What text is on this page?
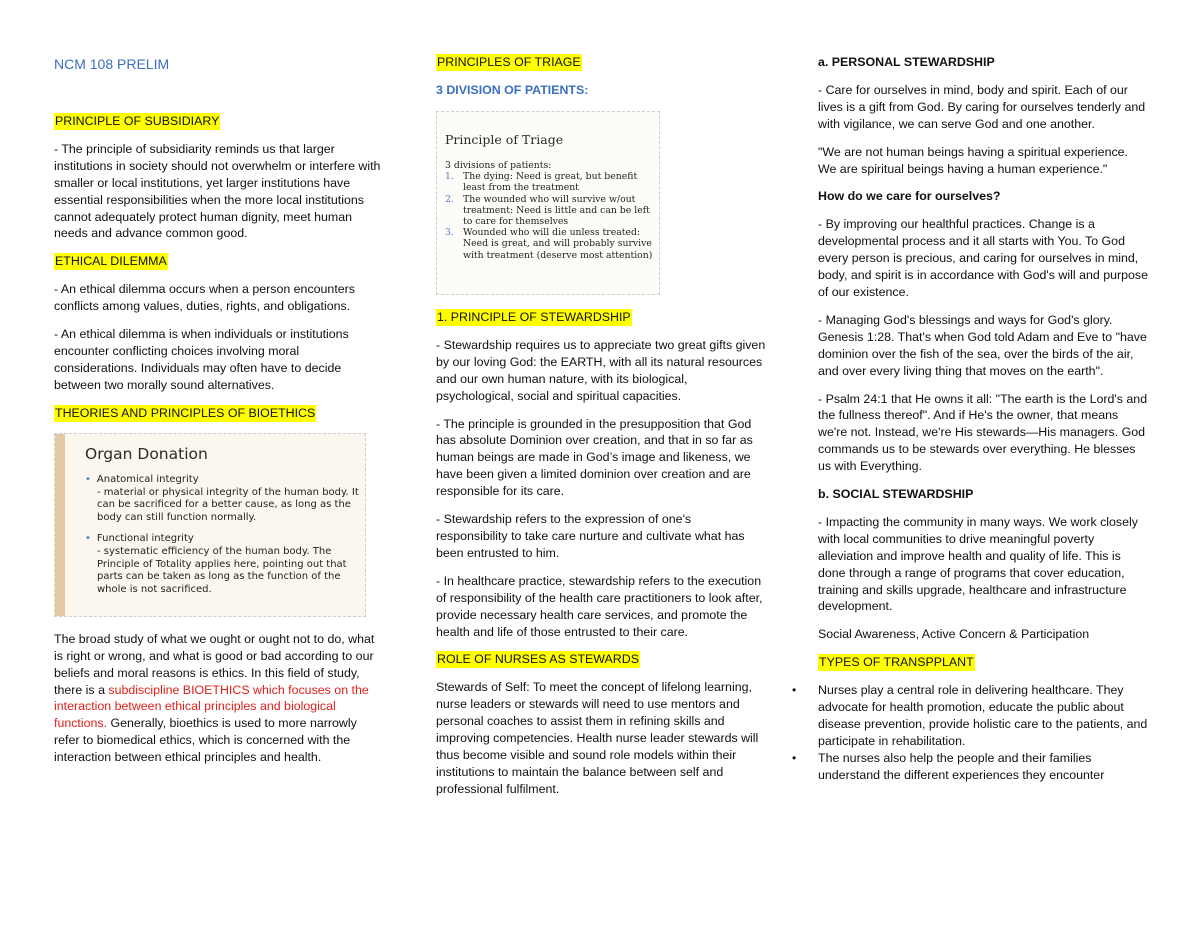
NCM 108 PRELIM

PRINCIPLE OF SUBSIDIARY

- The principle of subsidiarity reminds us that larger institutions in society should not overwhelm or interfere with smaller or local institutions, yet larger institutions have essential responsibilities when the more local institutions cannot adequately protect human dignity, meet human needs and advance common good.

ETHICAL DILEMMA

- An ethical dilemma occurs when a person encounters conflicts among values, duties, rights, and obligations.

- An ethical dilemma is when individuals or institutions encounter conflicting choices involving moral considerations. Individuals may often have to decide between two morally sound alternatives.

THEORIES AND PRINCIPLES OF BIOETHICS

Organ Donation
• Anatomical integrity
- material or physical integrity of the human body. It can be sacrificed for a better cause, as long as the body can still function normally.
• Functional integrity
- systematic efficiency of the human body. The Principle of Totality applies here, pointing out that parts can be taken as long as the function of the whole is not sacrificed.

The broad study of what we ought or ought not to do, what is right or wrong, and what is good or bad according to our beliefs and moral reasons is ethics. In this field of study, there is a subdiscipline BIOETHICS which focuses on the interaction between ethical principles and biological functions. Generally, bioethics is used to more narrowly refer to biomedical ethics, which is concerned with the interaction between ethical principles and health.

PRINCIPLES OF TRIAGE

3 DIVISION OF PATIENTS:
Principle of Triage
3 divisions of patients:
1. The dying: Need is great, but benefit least from the treatment
2. The wounded who will survive w/out treatment: Need is little and can be left to care for themselves
3. Wounded who will die unless treated: Need is great, and will probably survive with treatment (deserve most attention)

1. PRINCIPLE OF STEWARDSHIP

- Stewardship requires us to appreciate two great gifts given by our loving God: the EARTH, with all its natural resources and our own human nature, with its biological, psychological, social and spiritual capacities.

- The principle is grounded in the presupposition that God has absolute Dominion over creation, and that in so far as human beings are made in God’s image and likeness, we have been given a limited dominion over creation and are responsible for its care.

- Stewardship refers to the expression of one's responsibility to take care nurture and cultivate what has been entrusted to him.

- In healthcare practice, stewardship refers to the execution of responsibility of the health care practitioners to look after, provide necessary health care services, and promote the health and life of those entrusted to their care.

ROLE OF NURSES AS STEWARDS

Stewards of Self: To meet the concept of lifelong learning, nurse leaders or stewards will need to use mentors and personal coaches to assist them in refining skills and improving competencies. Health nurse leader stewards will thus become visible and sound role models within their institutions to maintain the balance between self and professional fulfilment.

a. PERSONAL STEWARDSHIP

- Care for ourselves in mind, body and spirit. Each of our lives is a gift from God. By caring for ourselves tenderly and with vigilance, we can serve God and one another.

"We are not human beings having a spiritual experience. We are spiritual beings having a human experience."

How do we care for ourselves?

- By improving our healthful practices. Change is a developmental process and it all starts with You. To God every person is precious, and caring for ourselves in mind, body, and spirit is in accordance with God's will and purpose of our existence.

- Managing God's blessings and ways for God's glory. Genesis 1:28. That's when God told Adam and Eve to "have dominion over the fish of the sea, over the birds of the air, and over every living thing that moves on the earth".

- Psalm 24:1 that He owns it all: "The earth is the Lord's and the fullness thereof". And if He's the owner, that means we're not. Instead, we're His stewards—His managers. God commands us to be stewards over everything. He blesses us with Everything.

b. SOCIAL STEWARDSHIP

- Impacting the community in many ways. We work closely with local communities to drive meaningful poverty alleviation and improve health and quality of life. This is done through a range of programs that cover education, training and skills upgrade, healthcare and infrastructure development.

Social Awareness, Active Concern & Participation

TYPES OF TRANSPPLANT

• Nurses play a central role in delivering healthcare. They advocate for health promotion, educate the public about disease prevention, provide holistic care to the patients, and participate in rehabilitation.
• The nurses also help the people and their families understand the different experiences they encounter
